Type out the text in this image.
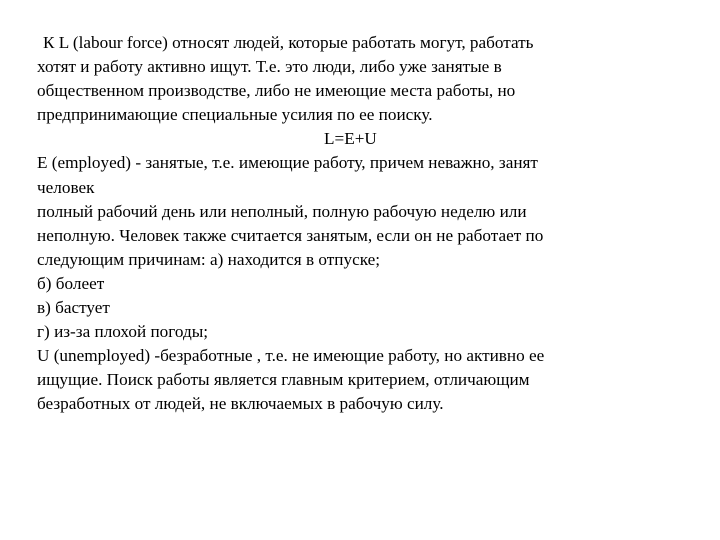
К L (labour force) относят людей, которые работать могут, работать
хотят и работу активно ищут. Т.е. это люди, либо уже занятые в
общественном производстве, либо не имеющие места работы, но
предпринимающие специальные усилия по ее поиску.
L=E+U
E (employed) - занятые, т.е. имеющие работу, причем неважно, занят
человек
полный рабочий день или неполный, полную рабочую неделю или
неполную. Человек также считается занятым, если он не работает по
следующим причинам: а) находится в отпуске;
б) болеет
в) бастует
г) из-за плохой погоды;
U (unemployed) -безработные , т.е. не имеющие работу, но активно ее
ищущие. Поиск работы является главным критерием, отличающим
безработных от людей, не включаемых в рабочую силу.
